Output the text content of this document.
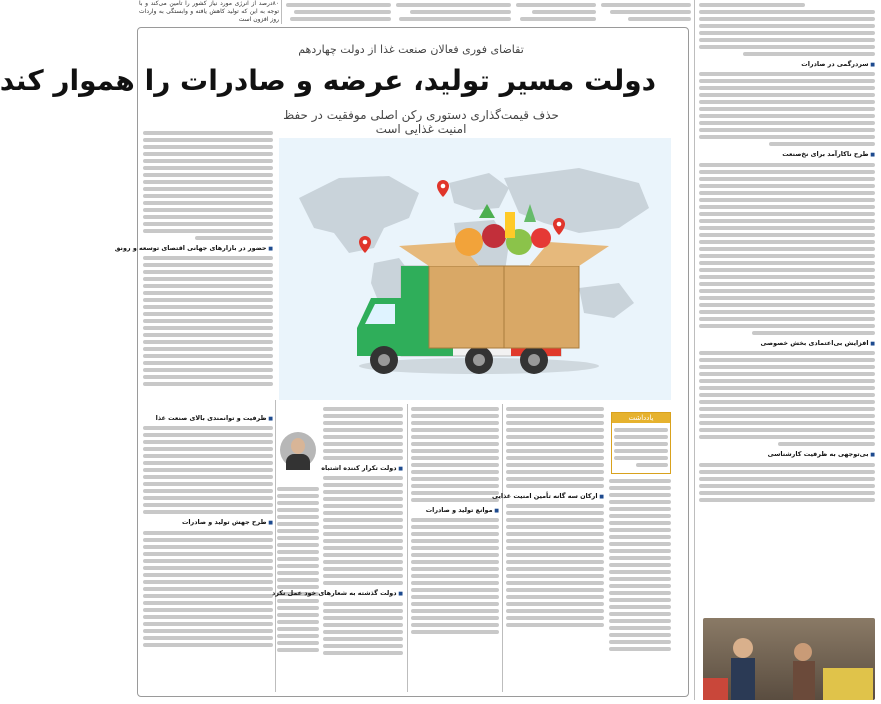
۸۰درصد از انرژی مورد نیاز کشور را تأمین می‌کند و با توجه به این که تولید کاهش یافته و وابستگی به واردات روز افزون است
تقاضای فوری فعالان صنعت غذا از دولت چهاردهم
دولت مسیر تولید، عرضه و صادرات را هموار کند
حذف قیمت‌گذاری دستوری رکن اصلی موفقیت در حفظ امنیت غذایی است
■ سردرگمی در صادرات
■ طرح ناکارآمد برای نخ‌صنعت
■ افزایش بی‌اعتمادی بخش خصوصی
■ بی‌توجهی به ظرفیت کارشناسی
■ حضور در بازارهای جهانی اقتصای توسعه و رونق
■ ظرفیت و توانمندی بالای صنعت غذا
■ طرح جهش تولید و صادرات
■ دولت تکرار کننده اشتباه
■ دولت گذشته به شعارهای خود عمل نکرد
■ موانع تولید و صادرات
■ ارکان سه گانه تأمین امنیت غذایی
یادداشت
